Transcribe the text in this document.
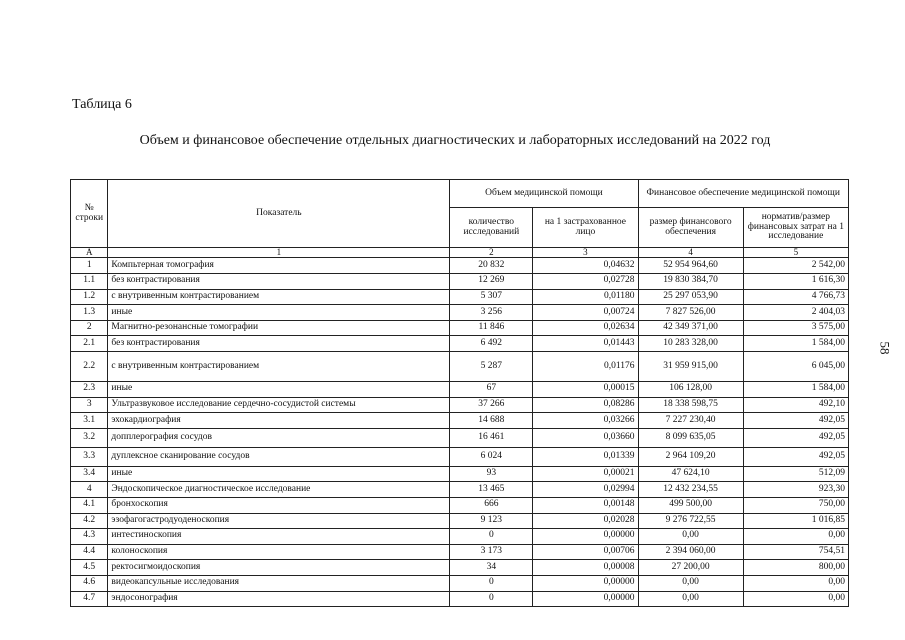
Таблица 6
Объем и финансовое обеспечение отдельных диагностических и лабораторных исследований на 2022 год
58
№ строки	Показатель	Объем медицинской помощи		Финансовое обеспечение медицинской помощи	
		количество исследований	на 1 застрахованное лицо	размер финансового обеспечения	норматив/размер финансовых затрат на 1 исследование
А	1	2	3	4	5
1	Компьтерная томография	20 832	0,04632	52 954 964,60	2 542,00
1.1	без контрастирования	12 269	0,02728	19 830 384,70	1 616,30
1.2	с внутривенным контрастированием	5 307	0,01180	25 297 053,90	4 766,73
1.3	иные	3 256	0,00724	7 827 526,00	2 404,03
2	Магнитно-резонансные томографии	11 846	0,02634	42 349 371,00	3 575,00
2.1	без контрастирования	6 492	0,01443	10 283 328,00	1 584,00
2.2	с внутривенным контрастированием	5 287	0,01176	31 959 915,00	6 045,00
2.3	иные	67	0,00015	106 128,00	1 584,00
3	Ультразвуковое исследование сердечно-сосудистой системы	37 266	0,08286	18 338 598,75	492,10
3.1	эхокардиография	14 688	0,03266	7 227 230,40	492,05
3.2	допплерография сосудов	16 461	0,03660	8 099 635,05	492,05
3.3	дуплексное сканирование сосудов	6 024	0,01339	2 964 109,20	492,05
3.4	иные	93	0,00021	47 624,10	512,09
4	Эндоскопическое диагностическое исследование	13 465	0,02994	12 432 234,55	923,30
4.1	бронхоскопия	666	0,00148	499 500,00	750,00
4.2	эзофагогастродуоденоскопия	9 123	0,02028	9 276 722,55	1 016,85
4.3	интестиноскопия	0	0,00000	0,00	0,00
4.4	колоноскопия	3 173	0,00706	2 394 060,00	754,51
4.5	ректосигмоидоскопия	34	0,00008	27 200,00	800,00
4.6	видеокапсульные исследования	0	0,00000	0,00	0,00
4.7	эндосонография	0	0,00000	0,00	0,00
